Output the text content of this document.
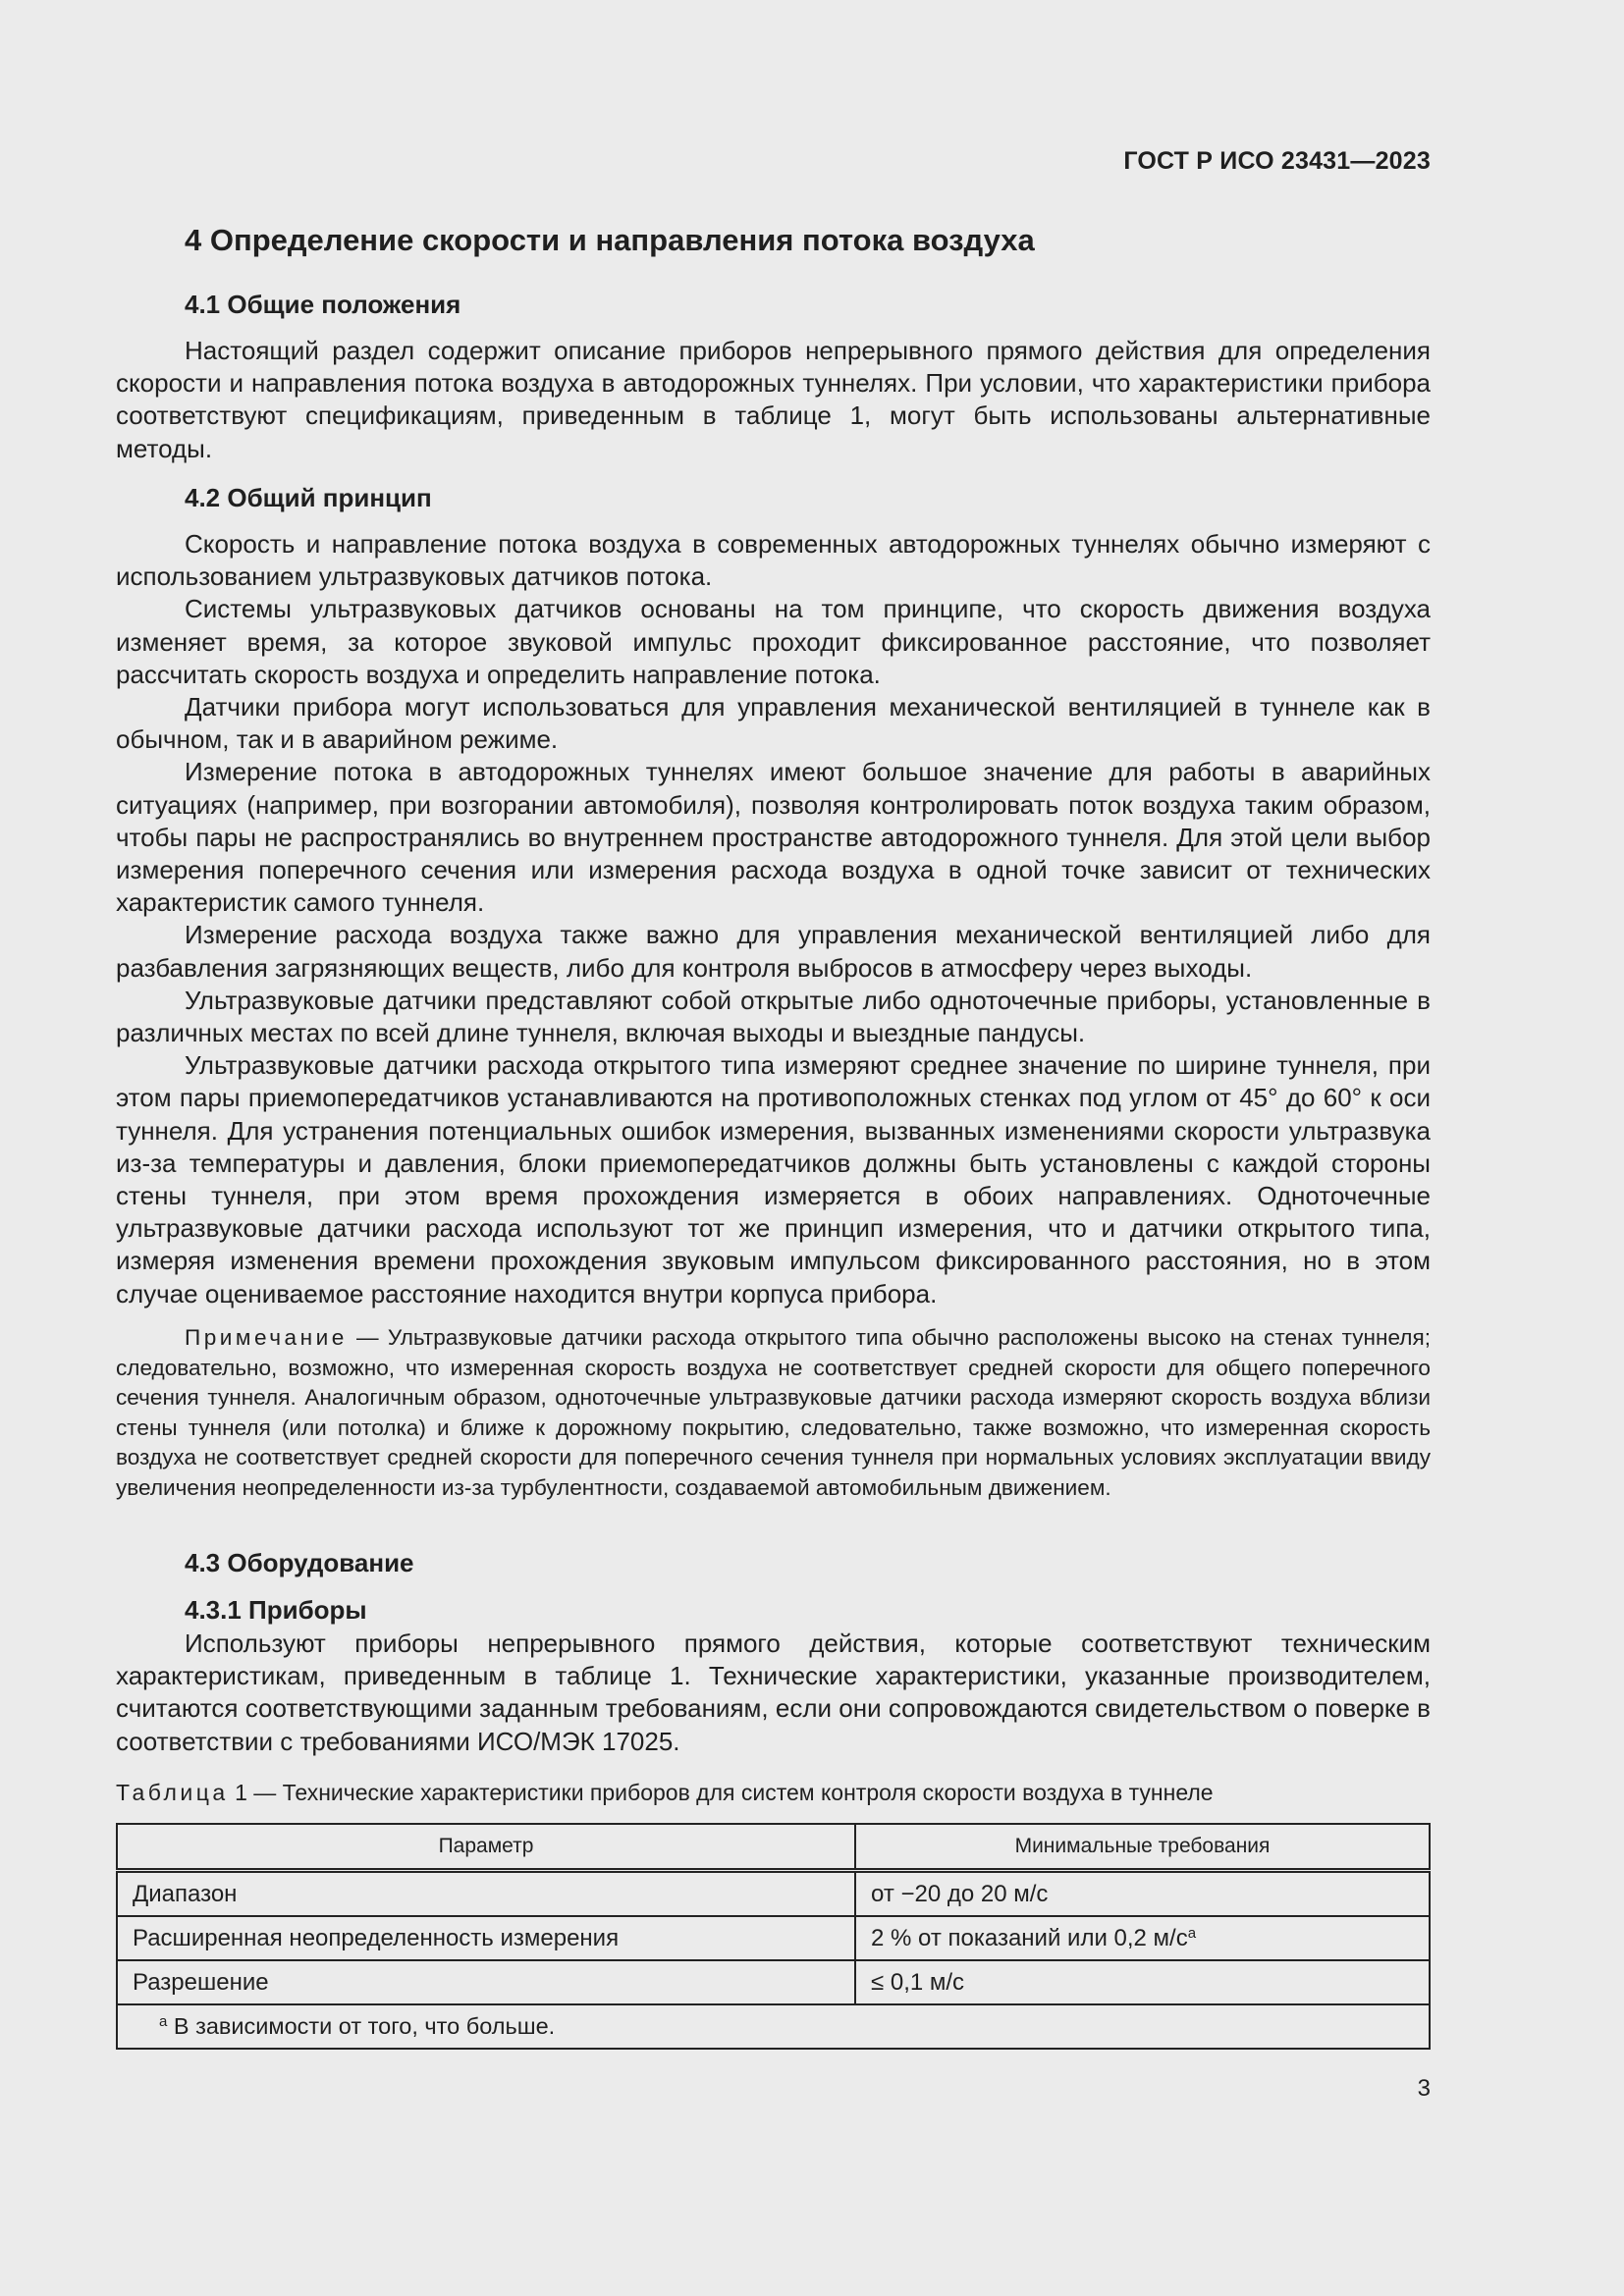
ГОСТ Р ИСО 23431—2023
4 Определение скорости и направления потока воздуха
4.1 Общие положения

Настоящий раздел содержит описание приборов непрерывного прямого действия для определения скорости и направления потока воздуха в автодорожных туннелях. При условии, что характеристики прибора соответствуют спецификациям, приведенным в таблице 1, могут быть использованы альтернативные методы.

4.2 Общий принцип

Скорость и направление потока воздуха в современных автодорожных туннелях обычно измеряют с использованием ультразвуковых датчиков потока.

Системы ультразвуковых датчиков основаны на том принципе, что скорость движения воздуха изменяет время, за которое звуковой импульс проходит фиксированное расстояние, что позволяет рассчитать скорость воздуха и определить направление потока.

Датчики прибора могут использоваться для управления механической вентиляцией в туннеле как в обычном, так и в аварийном режиме.

Измерение потока в автодорожных туннелях имеют большое значение для работы в аварийных ситуациях (например, при возгорании автомобиля), позволяя контролировать поток воздуха таким образом, чтобы пары не распространялись во внутреннем пространстве автодорожного туннеля. Для этой цели выбор измерения поперечного сечения или измерения расхода воздуха в одной точке зависит от технических характеристик самого туннеля.

Измерение расхода воздуха также важно для управления механической вентиляцией либо для разбавления загрязняющих веществ, либо для контроля выбросов в атмосферу через выходы.

Ультразвуковые датчики представляют собой открытые либо одноточечные приборы, установленные в различных местах по всей длине туннеля, включая выходы и выездные пандусы.

Ультразвуковые датчики расхода открытого типа измеряют среднее значение по ширине туннеля, при этом пары приемопередатчиков устанавливаются на противоположных стенках под углом от 45° до 60° к оси туннеля. Для устранения потенциальных ошибок измерения, вызванных изменениями скорости ультразвука из-за температуры и давления, блоки приемопередатчиков должны быть установлены с каждой стороны стены туннеля, при этом время прохождения измеряется в обоих направлениях. Одноточечные ультразвуковые датчики расхода используют тот же принцип измерения, что и датчики открытого типа, измеряя изменения времени прохождения звуковым импульсом фиксированного расстояния, но в этом случае оцениваемое расстояние находится внутри корпуса прибора.

Примечание — Ультразвуковые датчики расхода открытого типа обычно расположены высоко на стенах туннеля; следовательно, возможно, что измеренная скорость воздуха не соответствует средней скорости для общего поперечного сечения туннеля. Аналогичным образом, одноточечные ультразвуковые датчики расхода измеряют скорость воздуха вблизи стены туннеля (или потолка) и ближе к дорожному покрытию, следовательно, также возможно, что измеренная скорость воздуха не соответствует средней скорости для поперечного сечения туннеля при нормальных условиях эксплуатации ввиду увеличения неопределенности из-за турбулентности, создаваемой автомобильным движением.

4.3 Оборудование
4.3.1 Приборы

Используют приборы непрерывного прямого действия, которые соответствуют техническим характеристикам, приведенным в таблице 1. Технические характеристики, указанные производителем, считаются соответствующими заданным требованиям, если они сопровождаются свидетельством о поверке в соответствии с требованиями ИСО/МЭК 17025.

Таблица 1 — Технические характеристики приборов для систем контроля скорости воздуха в туннеле
Параметр	Минимальные требования
Диапазон	от −20 до 20 м/с
Расширенная неопределенность измерения	2 % от показаний или 0,2 $м/с^a$
Разрешение	≤ 0,1 м/с
$^a$ В зависимости от того, что больше.	
3
